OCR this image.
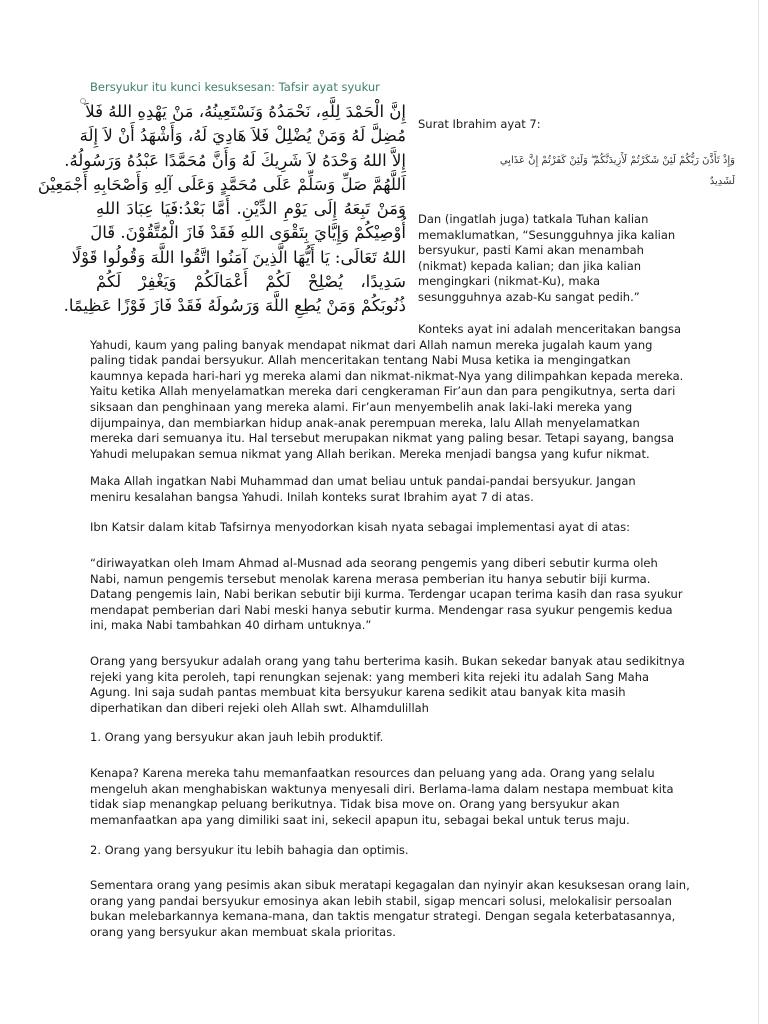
Bersyukur itu kunci kesuksesan: Tafsir ayat syukur
إِنَّ الْحَمْدَ لِلَّهِ، نَحْمَدُهُ وَنَسْتَعِينُهُ، مَنْ يَهْدِهِ اللهُ فَلاَ
مُضِلَّ لَهُ وَمَنْ يُضْلِلْ فَلاَ هَادِيَ لَهُ، وَأَشْهَدُ أَنْ لاَ إِلَهَ
إِلاَّ اللهُ وَحْدَهُ لاَ شَرِيكَ لَهُ وَأَنَّ مُحَمَّدًا عَبْدُهُ وَرَسُولُهُ.
اَللَّهُمَّ صَلِّ وَسَلِّمْ عَلَى مُحَمَّدٍ وَعَلَى آلِهِ وَأَصْحَابِهِ أَجْمَعِيْنَ
وَمَنْ تَبِعَهُ إِلَى يَوْمِ الدِّيْنِ. أَمَّا بَعْدُ:فَيَا عِبَادَ اللهِ
أُوْصِيْكُمْ وَإِيَّايَ بِتَقْوَى اللهِ فَقَدْ فَازَ الْمُتَّقُوْنَ. قَالَ
اللهُ تَعَالَى: يَا أَيُّهَا الَّذِينَ آمَنُوا اتَّقُوا اللَّهَ وَقُولُوا قَوْلًا
سَدِيدًا، يُصْلِحْ لَكُمْ أَعْمَالَكُمْ وَيَغْفِرْ لَكُمْ
ذُنُوبَكُمْ وَمَنْ يُطِعِ اللَّهَ وَرَسُولَهُ فَقَدْ فَازَ فَوْزًا عَظِيمًا.
Surat Ibrahim ayat 7:
وَإِذْ تَأَذَّنَ رَبُّكُمْ لَئِنْ شَكَرْتُمْ لَأَزِيدَنَّكُمْ ۖ وَلَئِنْ كَفَرْتُمْ إِنَّ عَذَابِي
لَشَدِيدٌ
Dan (ingatlah juga) tatkala Tuhan kalian
memaklumatkan, “Sesungguhnya jika kalian
bersyukur, pasti Kami akan menambah
(nikmat) kepada kalian; dan jika kalian
mengingkari (nikmat-Ku), maka
sesungguhnya azab-Ku sangat pedih.”
Konteks ayat ini adalah menceritakan bangsa
Yahudi, kaum yang paling banyak mendapat nikmat dari Allah namun mereka jugalah kaum yang
paling tidak pandai bersyukur. Allah menceritakan tentang Nabi Musa ketika ia mengingatkan
kaumnya kepada hari-hari yg mereka alami dan nikmat-nikmat-Nya yang dilimpahkan kepada mereka.
Yaitu ketika Allah menyelamatkan mereka dari cengkeraman Fir’aun dan para pengikutnya, serta dari
siksaan dan penghinaan yang mereka alami. Fir’aun menyembelih anak laki-laki mereka yang
dijumpainya, dan membiarkan hidup anak-anak perempuan mereka, lalu Allah menyelamatkan
mereka dari semuanya itu. Hal tersebut merupakan nikmat yang paling besar. Tetapi sayang, bangsa
Yahudi melupakan semua nikmat yang Allah berikan. Mereka menjadi bangsa yang kufur nikmat.
Maka Allah ingatkan Nabi Muhammad dan umat beliau untuk pandai-pandai bersyukur. Jangan
meniru kesalahan bangsa Yahudi. Inilah konteks surat Ibrahim ayat 7 di atas.
Ibn Katsir dalam kitab Tafsirnya menyodorkan kisah nyata sebagai implementasi ayat di atas:
“diriwayatkan oleh Imam Ahmad al-Musnad ada seorang pengemis yang diberi sebutir kurma oleh
Nabi, namun pengemis tersebut menolak karena merasa pemberian itu hanya sebutir biji kurma.
Datang pengemis lain, Nabi berikan sebutir biji kurma. Terdengar ucapan terima kasih dan rasa syukur
mendapat pemberian dari Nabi meski hanya sebutir kurma. Mendengar rasa syukur pengemis kedua
ini, maka Nabi tambahkan 40 dirham untuknya.”
Orang yang bersyukur adalah orang yang tahu berterima kasih. Bukan sekedar banyak atau sedikitnya
rejeki yang kita peroleh, tapi renungkan sejenak: yang memberi kita rejeki itu adalah Sang Maha
Agung. Ini saja sudah pantas membuat kita bersyukur karena sedikit atau banyak kita masih
diperhatikan dan diberi rejeki oleh Allah swt. Alhamdulillah
1. Orang yang bersyukur akan jauh lebih produktif.
Kenapa? Karena mereka tahu memanfaatkan resources dan peluang yang ada. Orang yang selalu
mengeluh akan menghabiskan waktunya menyesali diri. Berlama-lama dalam nestapa membuat kita
tidak siap menangkap peluang berikutnya. Tidak bisa move on. Orang yang bersyukur akan
memanfaatkan apa yang dimiliki saat ini, sekecil apapun itu, sebagai bekal untuk terus maju.
2. Orang yang bersyukur itu lebih bahagia dan optimis.
Sementara orang yang pesimis akan sibuk meratapi kegagalan dan nyinyir akan kesuksesan orang lain,
orang yang pandai bersyukur emosinya akan lebih stabil, sigap mencari solusi, melokalisir persoalan
bukan melebarkannya kemana-mana, dan taktis mengatur strategi. Dengan segala keterbatasannya,
orang yang bersyukur akan membuat skala prioritas.
